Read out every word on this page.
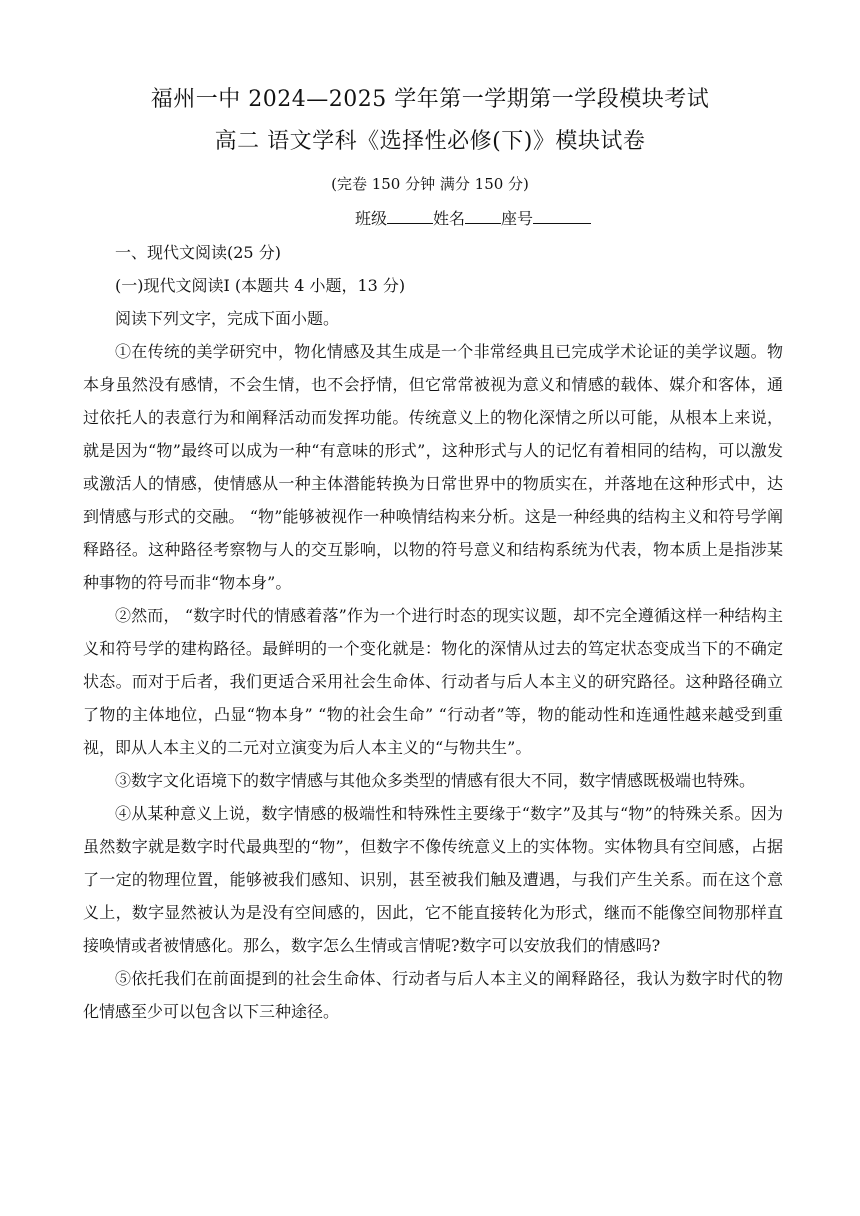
福州一中 2024—2025 学年第一学期第一学段模块考试
高二 语文学科《选择性必修(下)》模块试卷
(完卷 150 分钟 满分 150 分)
班级	姓名 座号

一、现代文阅读(25 分)

(一)现代文阅读Ⅰ (本题共 4 小题，13 分)

阅读下列文字，完成下面小题。

①在传统的美学研究中，物化情感及其生成是一个非常经典且已完成学术论证的美学议题。物本身虽然没有感情，不会生情，也不会抒情，但它常常被视为意义和情感的载体、媒介和客体，通过依托人的表意行为和阐释活动而发挥功能。传统意义上的物化深情之所以可能，从根本上来说，就是因为“物”最终可以成为一种“有意味的形式”，这种形式与人的记忆有着相同的结构，可以激发或激活人的情感，使情感从一种主体潜能转换为日常世界中的物质实在，并落地在这种形式中，达到情感与形式的交融。 “物”能够被视作一种唤情结构来分析。这是一种经典的结构主义和符号学阐释路径。这种路径考察物与人的交互影响，以物的符号意义和结构系统为代表，物本质上是指涉某种事物的符号而非“物本身”。

②然而， “数字时代的情感着落”作为一个进行时态的现实议题，却不完全遵循这样一种结构主义和符号学的建构路径。最鲜明的一个变化就是：物化的深情从过去的笃定状态变成当下的不确定状态。而对于后者，我们更适合采用社会生命体、行动者与后人本主义的研究路径。这种路径确立了物的主体地位，凸显“物本身” “物的社会生命” “行动者”等，物的能动性和连通性越来越受到重视，即从人本主义的二元对立演变为后人本主义的“与物共生”。

③数字文化语境下的数字情感与其他众多类型的情感有很大不同，数字情感既极端也特殊。

④从某种意义上说，数字情感的极端性和特殊性主要缘于“数字”及其与“物”的特殊关系。因为虽然数字就是数字时代最典型的“物”，但数字不像传统意义上的实体物。实体物具有空间感，占据了一定的物理位置，能够被我们感知、识别，甚至被我们触及遭遇，与我们产生关系。而在这个意义上，数字显然被认为是没有空间感的，因此，它不能直接转化为形式，继而不能像空间物那样直接唤情或者被情感化。那么，数字怎么生情或言情呢?数字可以安放我们的情感吗?

⑤依托我们在前面提到的社会生命体、行动者与后人本主义的阐释路径，我认为数字时代的物化情感至少可以包含以下三种途径。
